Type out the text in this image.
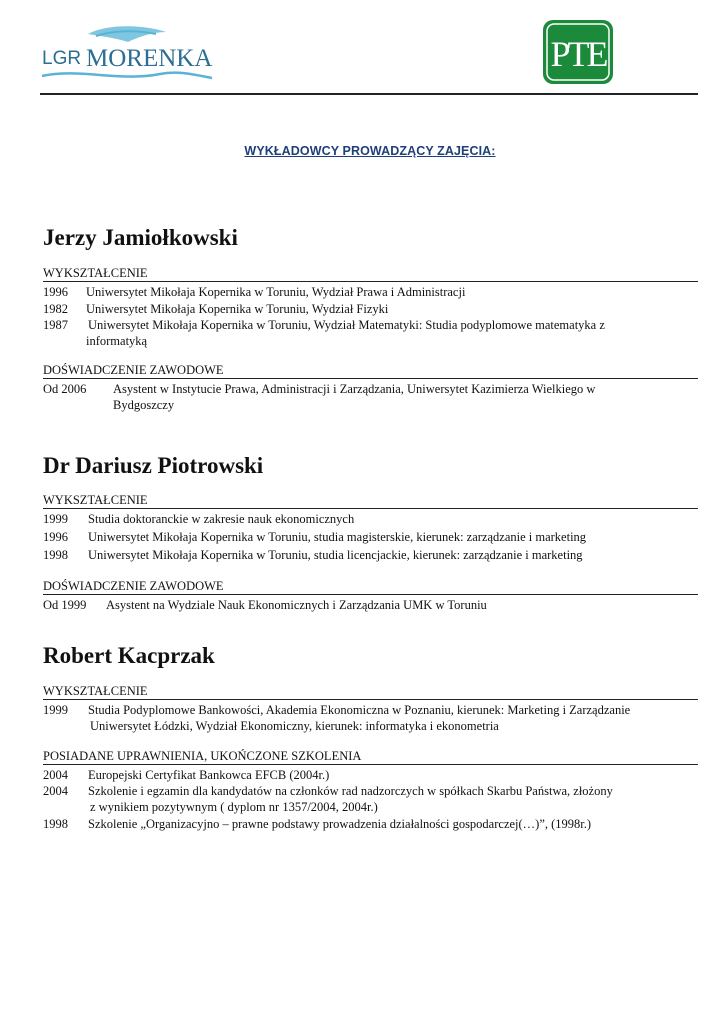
LGR MORENKA	PTE
WYKŁADOWCY PROWADZĄCY ZAJĘCIA:
Jerzy Jamiołkowski
WYKSZTAŁCENIE
1996 Uniwersytet Mikołaja Kopernika w Toruniu, Wydział Prawa i Administracji
1982 Uniwersytet Mikołaja Kopernika w Toruniu, Wydział Fizyki
1987 Uniwersytet Mikołaja Kopernika w Toruniu, Wydział Matematyki: Studia podyplomowe matematyka z
informatyką
DOŚWIADCZENIE ZAWODOWE
Od 2006 Asystent w Instytucie Prawa, Administracji i Zarządzania, Uniwersytet Kazimierza Wielkiego w
Bydgoszczy
Dr Dariusz Piotrowski
WYKSZTAŁCENIE
1999 Studia doktoranckie w zakresie nauk ekonomicznych
1996 Uniwersytet Mikołaja Kopernika w Toruniu, studia magisterskie, kierunek: zarządzanie i marketing
1998 Uniwersytet Mikołaja Kopernika w Toruniu, studia licencjackie, kierunek: zarządzanie i marketing
DOŚWIADCZENIE ZAWODOWE
Od 1999 Asystent na Wydziale Nauk Ekonomicznych i Zarządzania UMK w Toruniu
Robert Kacprzak
WYKSZTAŁCENIE
1999 Studia Podyplomowe Bankowości, Akademia Ekonomiczna w Poznaniu, kierunek: Marketing i Zarządzanie
Uniwersytet Łódzki, Wydział Ekonomiczny, kierunek: informatyka i ekonometria
POSIADANE UPRAWNIENIA, UKOŃCZONE SZKOLENIA
2004 Europejski Certyfikat Bankowca EFCB (2004r.)
2004 Szkolenie i egzamin dla kandydatów na członków rad nadzorczych w spółkach Skarbu Państwa, złożony
z wynikiem pozytywnym ( dyplom nr 1357/2004, 2004r.)
1998 Szkolenie „Organizacyjno – prawne podstawy prowadzenia działalności gospodarczej(…)”, (1998r.)
